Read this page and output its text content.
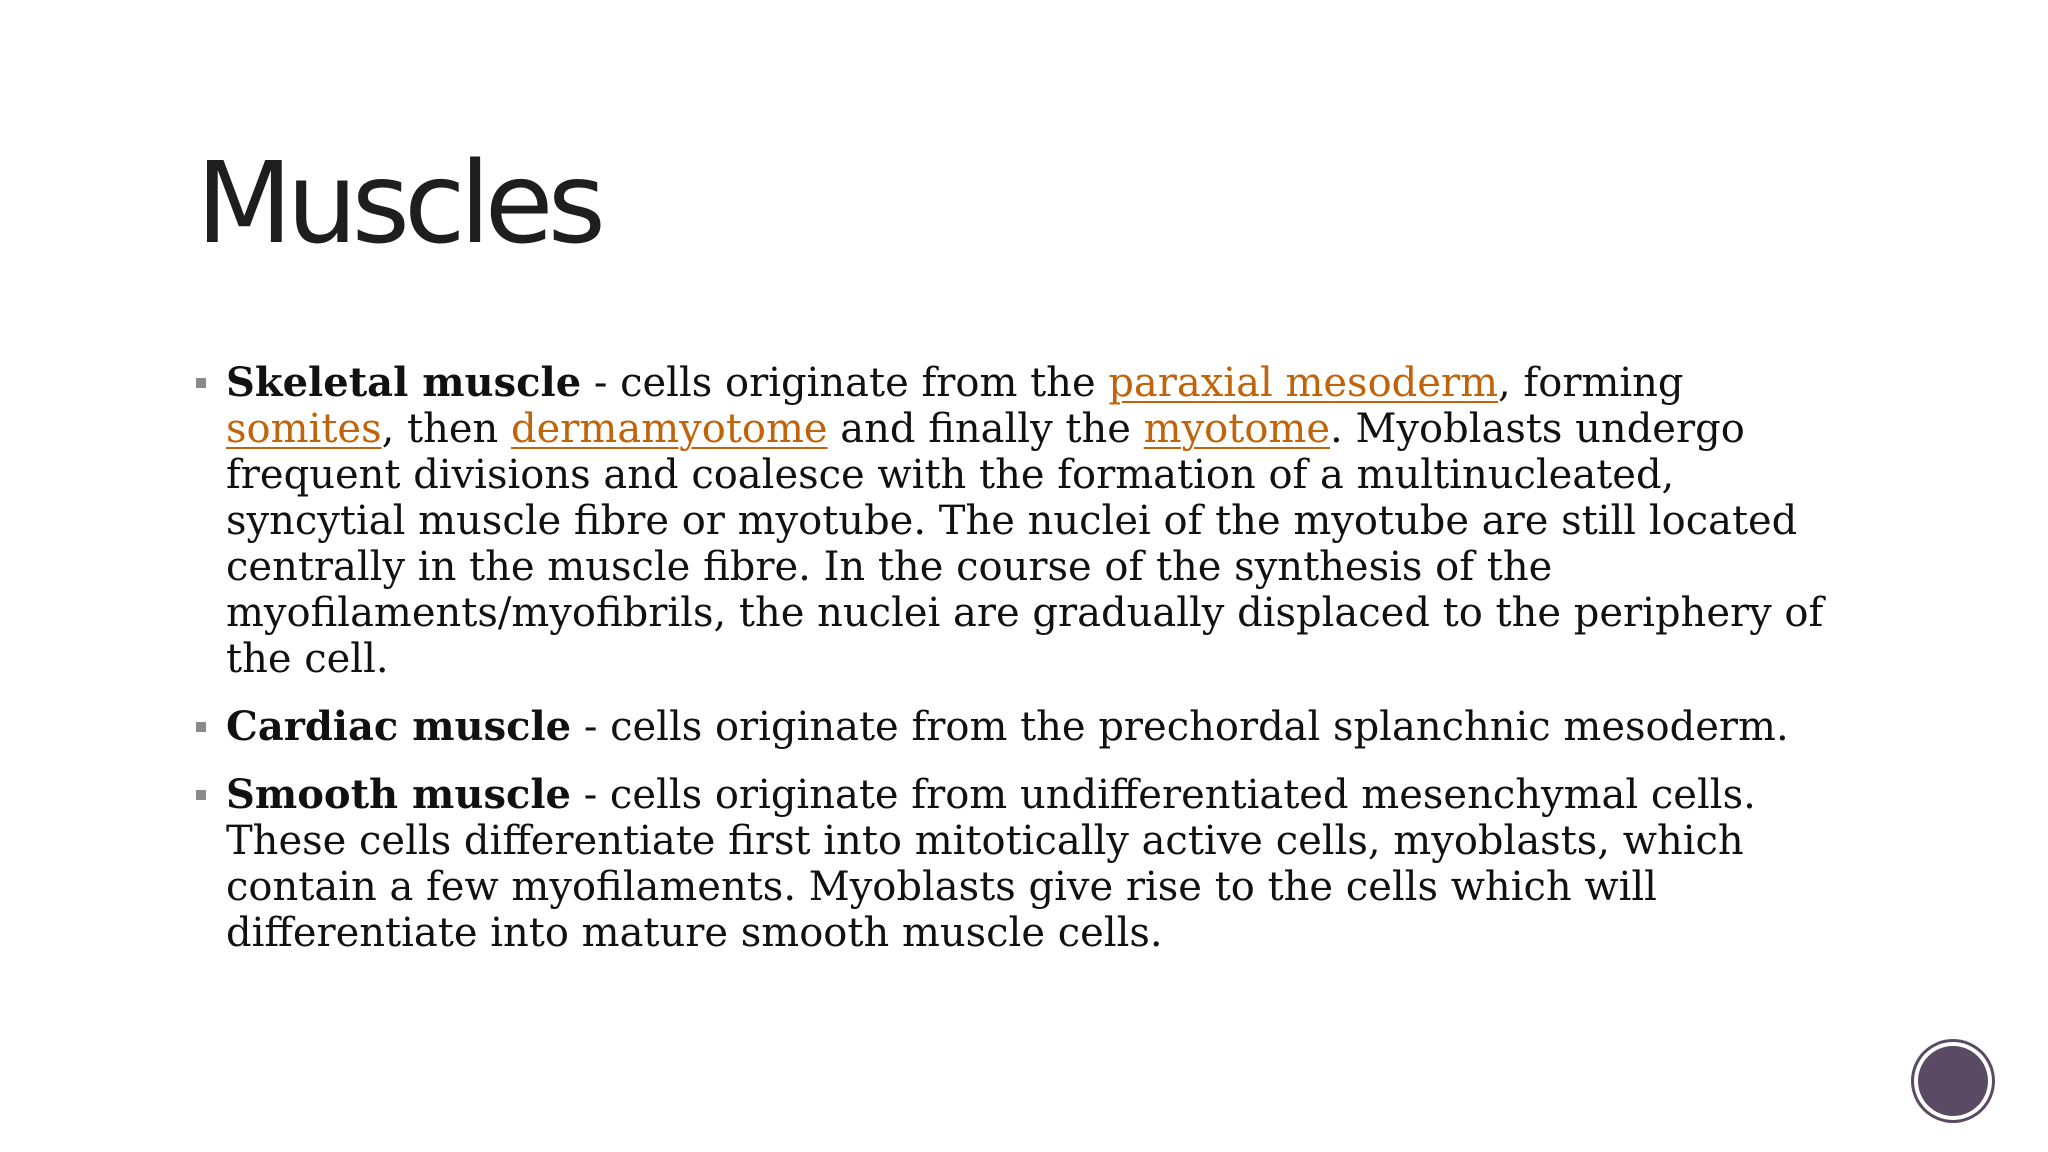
Muscles

Skeletal muscle - cells originate from the paraxial mesoderm, forming somites, then dermamyotome and finally the myotome. Myoblasts undergo frequent divisions and coalesce with the formation of a multinucleated, syncytial muscle fibre or myotube. The nuclei of the myotube are still located centrally in the muscle fibre. In the course of the synthesis of the myofilaments/myofibrils, the nuclei are gradually displaced to the periphery of the cell.

Cardiac muscle - cells originate from the prechordal splanchnic mesoderm.

Smooth muscle - cells originate from undifferentiated mesenchymal cells. These cells differentiate first into mitotically active cells, myoblasts, which contain a few myofilaments. Myoblasts give rise to the cells which will differentiate into mature smooth muscle cells.
